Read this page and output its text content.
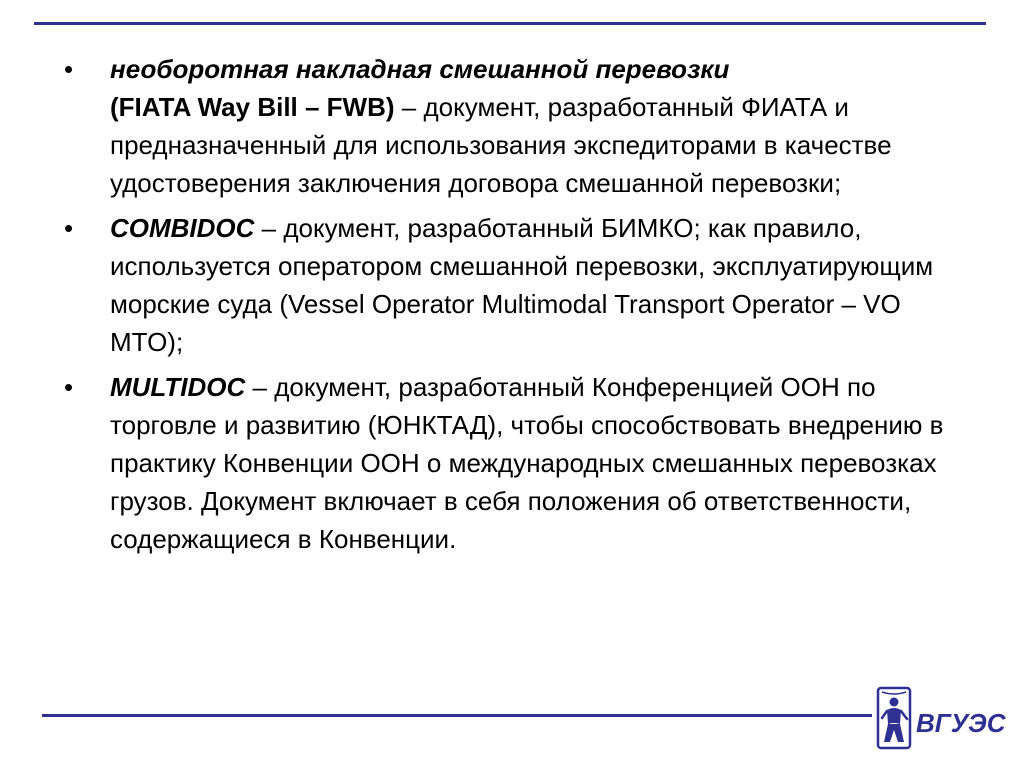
•	необоротная накладная смешанной перевозки
(FIATA Way Bill – FWB) – документ, разработанный ФИАТА и предназначенный для использования экспедиторами в качестве удостоверения заключения договора смешанной перевозки;
•	COMBIDOC – документ, разработанный БИМКО; как правило, используется оператором смешанной перевозки, эксплуатирующим морские суда (Vessel Operator Multimodal Transport Operator – VO MTO);
•	MULTIDOC – документ, разработанный Конференцией ООН по торговле и развитию (ЮНКТАД), чтобы способствовать внедрению в практику Конвенции ООН о международных смешанных перевозках грузов. Документ включает в себя положения об ответственности, содержащиеся в Конвенции.
ВГУЭС
